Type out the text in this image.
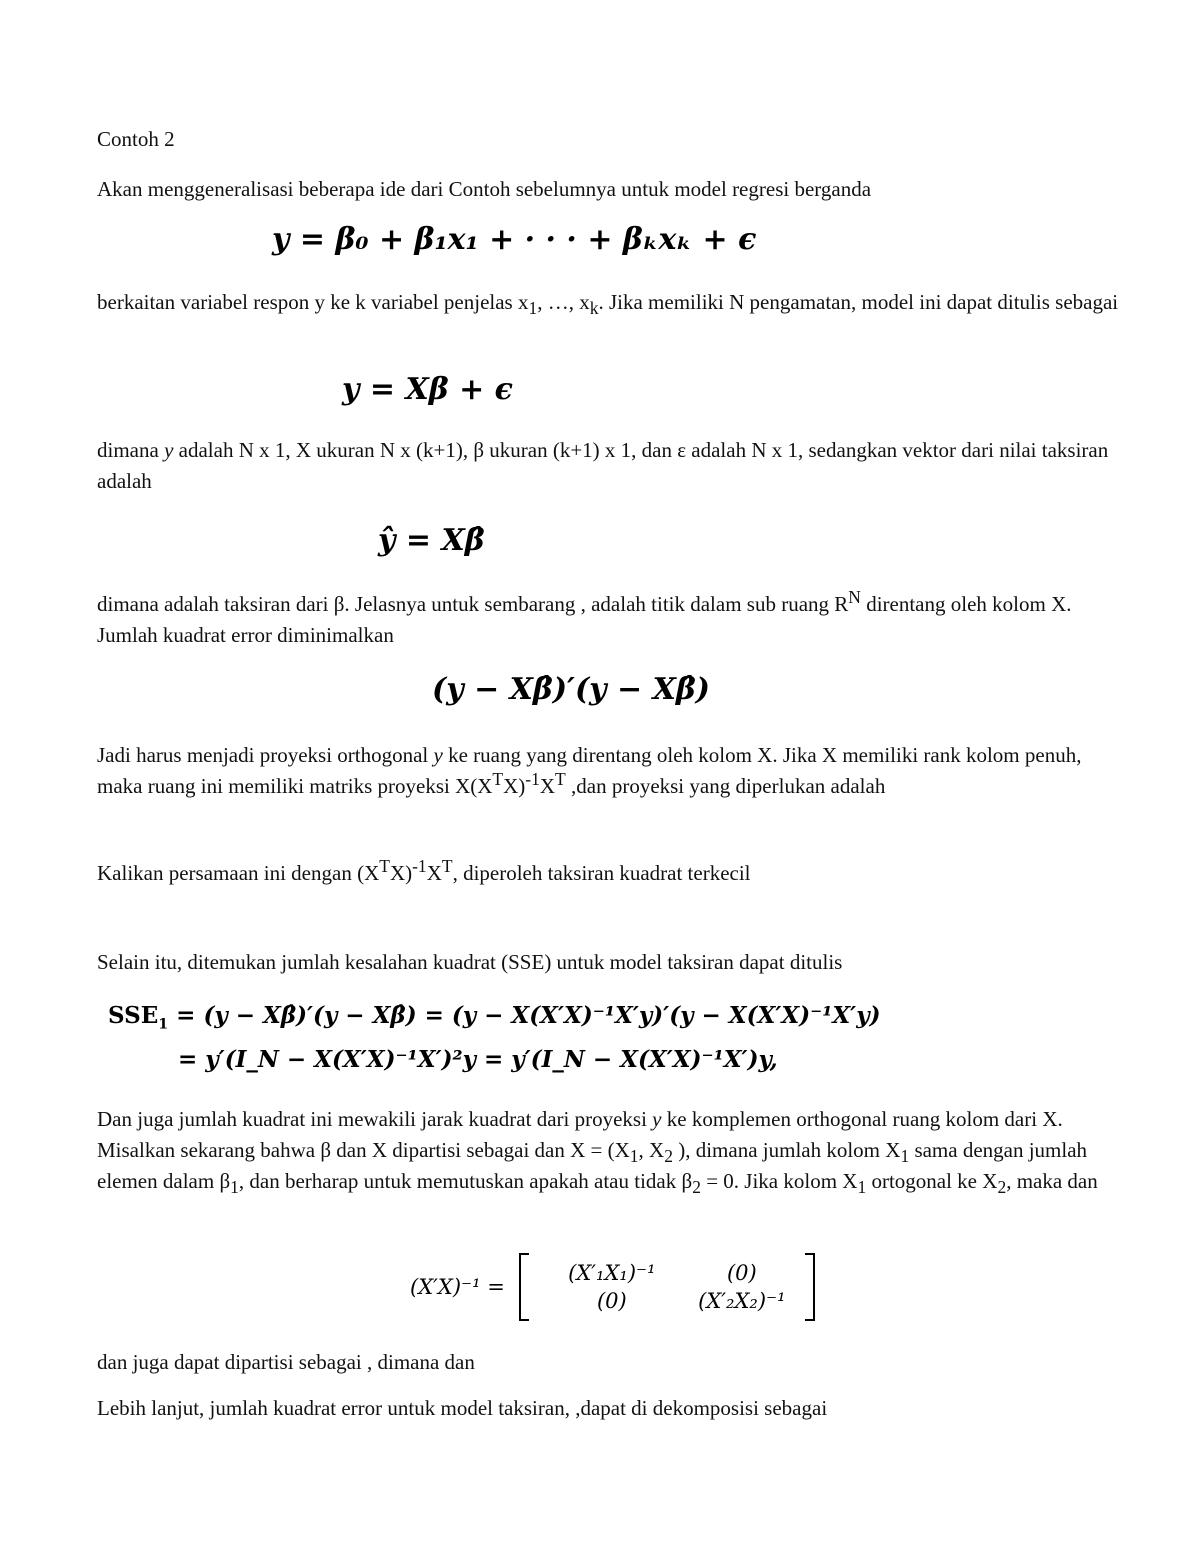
Contoh 2

Akan menggeneralisasi beberapa ide dari Contoh sebelumnya untuk model regresi berganda

y = β₀ + β₁x₁ + · · · + βₖxₖ + ϵ

berkaitan variabel respon y ke k variabel penjelas $x_1$, …, $x_k$. Jika memiliki N pengamatan, model ini dapat ditulis sebagai

y = Xβ + ϵ

dimana y adalah N x 1, X ukuran N x (k+1), β ukuran (k+1) x 1, dan ε adalah N x 1, sedangkan vektor dari nilai taksiran adalah

ŷ = Xβ̂

dimana adalah taksiran dari β. Jelasnya untuk sembarang , adalah titik dalam sub ruang $R^N$ direntang oleh kolom X. Jumlah kuadrat error diminimalkan

(y − Xβ̂)′(y − Xβ̂)

Jadi harus menjadi proyeksi orthogonal y ke ruang yang direntang oleh kolom X. Jika X memiliki rank kolom penuh, maka ruang ini memiliki matriks proyeksi $X(X^TX)^{-1}X^T$ ,dan proyeksi yang diperlukan adalah

Kalikan persamaan ini dengan $(X^TX)^{-1}X^T$, diperoleh taksiran kuadrat terkecil

Selain itu, ditemukan jumlah kesalahan kuadrat (SSE) untuk model taksiran dapat ditulis

$SSE_1 = (y$ − Xβ̂)′(y − Xβ̂) = (y − X(X′X)⁻¹X′y)′(y − X(X′X)⁻¹X′y)
= y′(I_N − X(X′X)⁻¹X′)²y = y′(I_N − X(X′X)⁻¹X′)y,

Dan juga jumlah kuadrat ini mewakili jarak kuadrat dari proyeksi y ke komplemen orthogonal ruang kolom dari X. Misalkan sekarang bahwa β dan X dipartisi sebagai dan $X = (X_1$, $X_2$ ), dimana jumlah kolom $X_1$ sama dengan jumlah elemen dalam $\beta_1$, dan berharap untuk memutuskan apakah atau tidak $\beta_2 = 0$. Jika kolom $X_1$ ortogonal ke $X_2$, maka dan

(X′X)⁻¹ =
(X′₁X₁)⁻¹	(0)
(0)	(X′₂X₂)⁻¹

dan juga dapat dipartisi sebagai , dimana dan

Lebih lanjut, jumlah kuadrat error untuk model taksiran, ,dapat di dekomposisi sebagai
